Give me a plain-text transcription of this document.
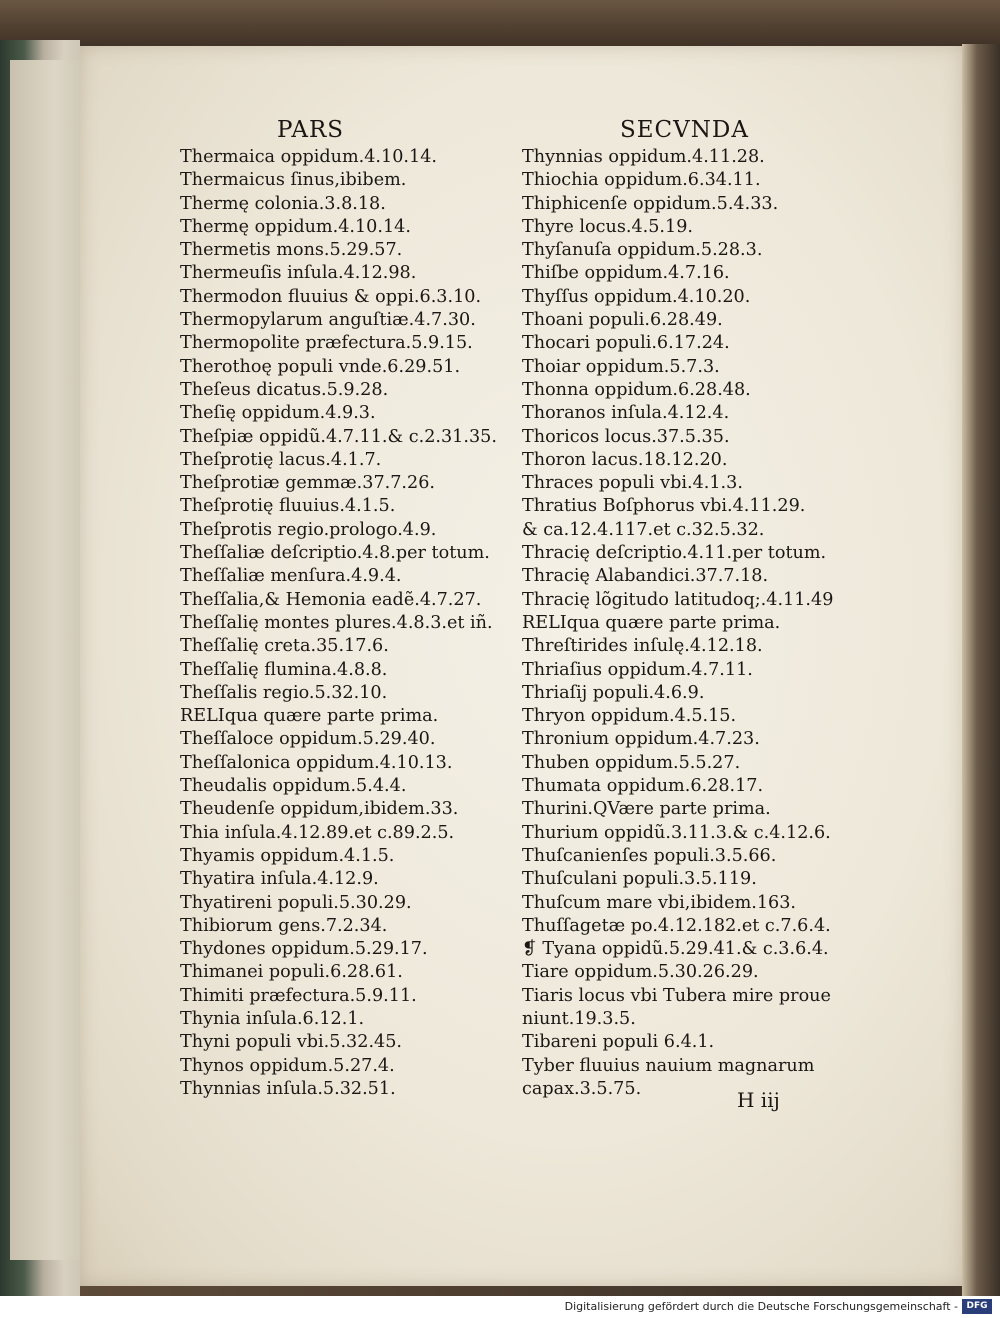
PARS	SECVNDA
Thermaica oppidum.4.10.14.
Thermaicus ſinus,ibibem.
Thermę colonia.3.8.18.
Thermę oppidum.4.10.14.
Thermetis mons.5.29.57.
Thermeuſis inſula.4.12.98.
Thermodon fluuius & oppi.6.3.10.
Thermopylarum anguſtiæ.4.7.30.
Thermopolite præfectura.5.9.15.
Therothoę populi vnde.6.29.51.
Theſeus dicatus.5.9.28.
Theſię oppidum.4.9.3.
Theſpiæ oppidũ.4.7.11.& c.2.31.35.
Theſprotię lacus.4.1.7.
Theſprotiæ gemmæ.37.7.26.
Theſprotię fluuius.4.1.5.
Theſprotis regio.prologo.4.9.
Theſſaliæ deſcriptio.4.8.per totum.
Theſſaliæ menſura.4.9.4.
Theſſalia,& Hemonia eadẽ.4.7.27.
Theſſalię montes plures.4.8.3.et iñ.
Theſſalię creta.35.17.6.
Theſſalię flumina.4.8.8.
Theſſalis regio.5.32.10.
RELIqua quære parte prima.
Theſſaloce oppidum.5.29.40.
Theſſalonica oppidum.4.10.13.
Theudalis oppidum.5.4.4.
Theudenſe oppidum,ibidem.33.
Thia inſula.4.12.89.et c.89.2.5.
Thyamis oppidum.4.1.5.
Thyatira inſula.4.12.9.
Thyatireni populi.5.30.29.
Thibiorum gens.7.2.34.
Thydones oppidum.5.29.17.
Thimanei populi.6.28.61.
Thimiti præfectura.5.9.11.
Thynia inſula.6.12.1.
Thyni populi vbi.5.32.45.
Thynos oppidum.5.27.4.
Thynnias inſula.5.32.51.
Thynnias oppidum.4.11.28.
Thiochia oppidum.6.34.11.
Thiphicenſe oppidum.5.4.33.
Thyre locus.4.5.19.
Thyſanuſa oppidum.5.28.3.
Thiſbe oppidum.4.7.16.
Thyſſus oppidum.4.10.20.
Thoani populi.6.28.49.
Thocari populi.6.17.24.
Thoiar oppidum.5.7.3.
Thonna oppidum.6.28.48.
Thoranos inſula.4.12.4.
Thoricos locus.37.5.35.
Thoron lacus.18.12.20.
Thraces populi vbi.4.1.3.
Thratius Boſphorus vbi.4.11.29.
& ca.12.4.117.et c.32.5.32.
Thracię deſcriptio.4.11.per totum.
Thracię Alabandici.37.7.18.
Thracię lõgitudo latitudoq;.4.11.49
RELIqua quære parte prima.
Threſtirides inſulę.4.12.18.
Thriaſius oppidum.4.7.11.
Thriaſij populi.4.6.9.
Thryon oppidum.4.5.15.
Thronium oppidum.4.7.23.
Thuben oppidum.5.5.27.
Thumata oppidum.6.28.17.
Thurini.QVære parte prima.
Thurium oppidũ.3.11.3.& c.4.12.6.
Thuſcanienſes populi.3.5.66.
Thuſculani populi.3.5.119.
Thuſcum mare vbi,ibidem.163.
Thuſſagetæ po.4.12.182.et c.7.6.4.
❡ Tyana oppidũ.5.29.41.& c.3.6.4.
Tiare oppidum.5.30.26.29.
Tiaris locus vbi Tubera mire proue
niunt.19.3.5.
Tibareni populi 6.4.1.
Tyber fluuius nauium magnarum
capax.3.5.75.	H iij
Digitalisierung gefördert durch die Deutsche Forschungsgemeinschaft - DFG
